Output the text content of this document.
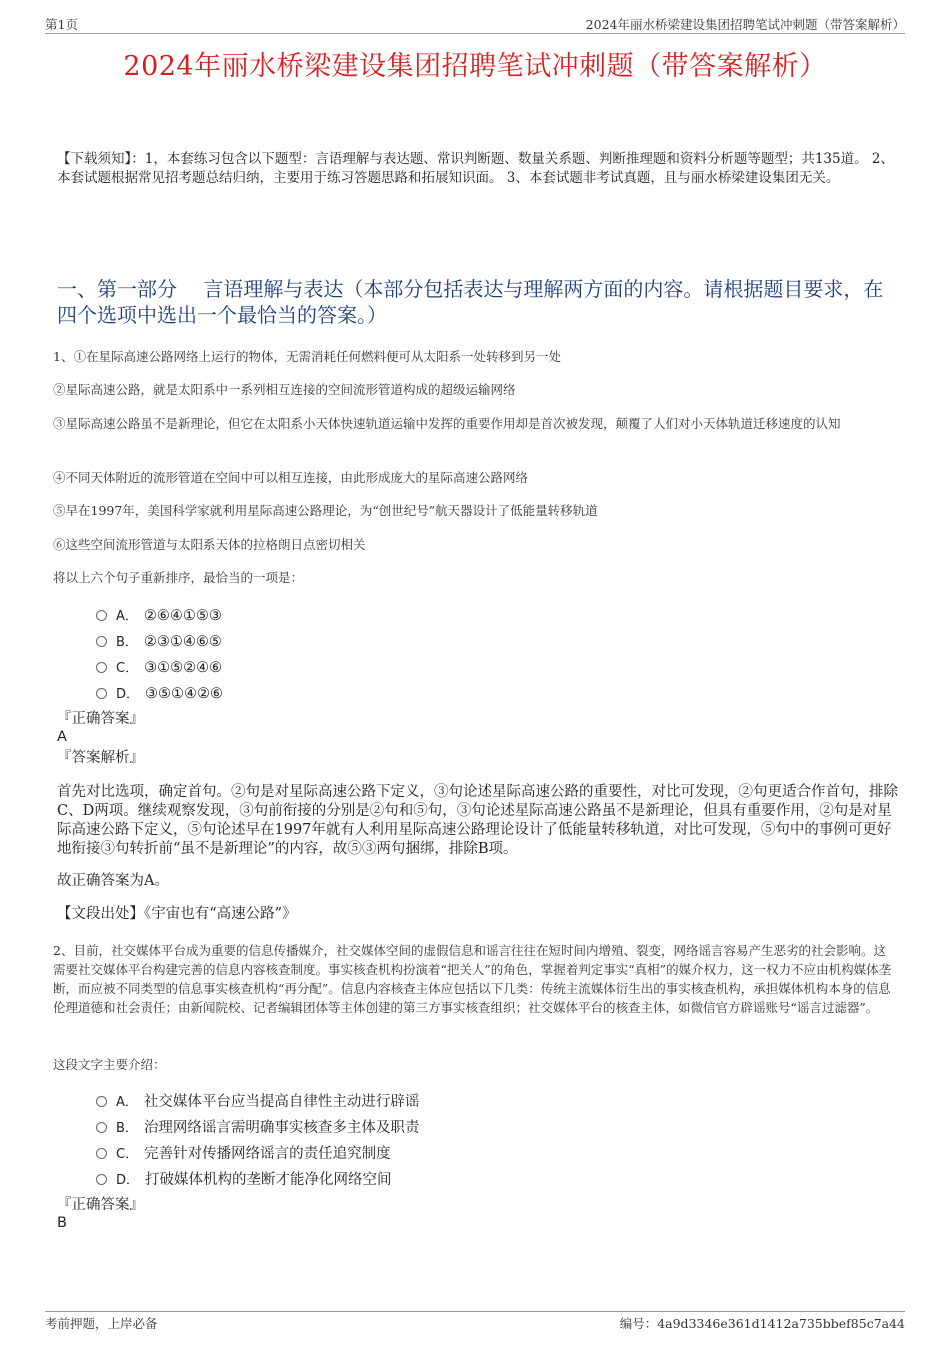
第1页	2024年丽水桥梁建设集团招聘笔试冲刺题（带答案解析）
2024年丽水桥梁建设集团招聘笔试冲刺题（带答案解析）
【下载须知】：1，本套练习包含以下题型：言语理解与表达题、常识判断题、数量关系题、判断推理题和资料分析题等题型；共135道。 2、本套试题根据常见招考题总结归纳，主要用于练习答题思路和拓展知识面。 3、本套试题非考试真题，且与丽水桥梁建设集团无关。
一、第一部分　 言语理解与表达（本部分包括表达与理解两方面的内容。请根据题目要求，在四个选项中选出一个最恰当的答案。）
1、①在星际高速公路网络上运行的物体，无需消耗任何燃料便可从太阳系一处转移到另一处
②星际高速公路，就是太阳系中一系列相互连接的空间流形管道构成的超级运输网络
③星际高速公路虽不是新理论，但它在太阳系小天体快速轨道运输中发挥的重要作用却是首次被发现，颠覆了人们对小天体轨道迁移速度的认知
④不同天体附近的流形管道在空间中可以相互连接，由此形成庞大的星际高速公路网络
⑤早在1997年，美国科学家就利用星际高速公路理论，为“创世纪号”航天器设计了低能量转移轨道
⑥这些空间流形管道与太阳系天体的拉格朗日点密切相关
将以上六个句子重新排序，最恰当的一项是：
A． ②⑥④①⑤③
B． ②③①④⑥⑤
C． ③①⑤②④⑥
D． ③⑤①④②⑥
『正确答案』
A
『答案解析』
首先对比选项，确定首句。②句是对星际高速公路下定义，③句论述星际高速公路的重要性，对比可发现，②句更适合作首句，排除C、D两项。继续观察发现，③句前衔接的分别是②句和⑤句，③句论述星际高速公路虽不是新理论，但具有重要作用，②句是对星际高速公路下定义，⑤句论述早在1997年就有人利用星际高速公路理论设计了低能量转移轨道，对比可发现，⑤句中的事例可更好地衔接③句转折前“虽不是新理论”的内容，故⑤③两句捆绑，排除B项。
故正确答案为A。
【文段出处】《宇宙也有“高速公路”》
2、目前，社交媒体平台成为重要的信息传播媒介，社交媒体空间的虚假信息和谣言往往在短时间内增殖、裂变，网络谣言容易产生恶劣的社会影响。这需要社交媒体平台构建完善的信息内容核查制度。事实核查机构扮演着“把关人”的角色，掌握着判定事实“真相”的媒介权力，这一权力不应由机构媒体垄断，而应被不同类型的信息事实核查机构“再分配”。信息内容核查主体应包括以下几类：传统主流媒体衍生出的事实核查机构，承担媒体机构本身的信息伦理道德和社会责任；由新闻院校、记者编辑团体等主体创建的第三方事实核查组织；社交媒体平台的核查主体，如微信官方辟谣账号“谣言过滤器”。
这段文字主要介绍：
A． 社交媒体平台应当提高自律性主动进行辟谣
B． 治理网络谣言需明确事实核查多主体及职责
C． 完善针对传播网络谣言的责任追究制度
D． 打破媒体机构的垄断才能净化网络空间
『正确答案』
B
考前押题，上岸必备	编号：4a9d3346e361d1412a735bbef85c7a44
